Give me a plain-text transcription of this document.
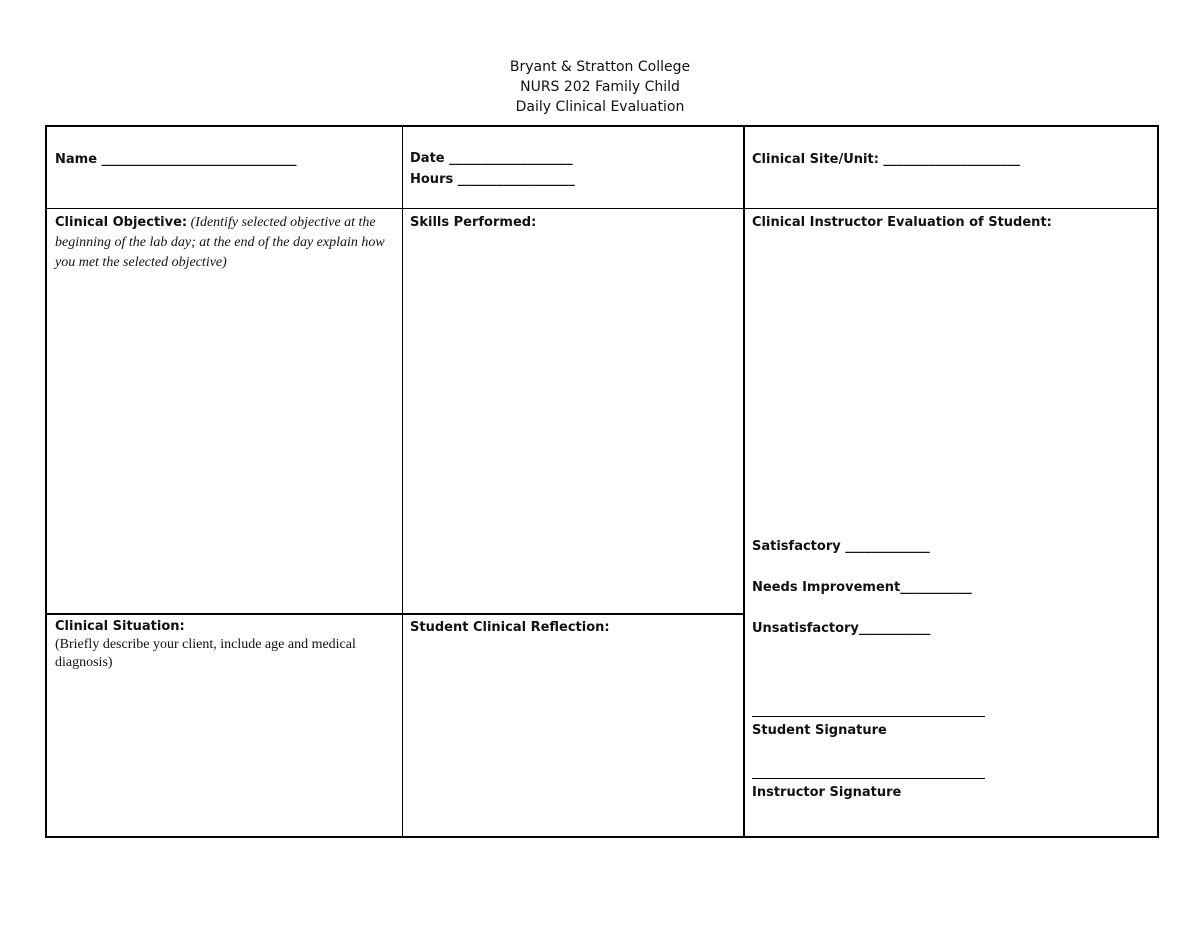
Bryant & Stratton College
NURS 202 Family Child
Daily Clinical Evaluation
Name ______________________________	Date ___________________
Hours __________________
Clinical Site/Unit: _____________________
Clinical Objective: (Identify selected objective at the beginning of the lab day; at the end of the day explain how you met the selected objective)
Skills Performed:	Clinical Instructor Evaluation of Student:
Satisfactory _____________
Needs Improvement___________
Unsatisfactory___________
Student Signature
Instructor Signature
Clinical Situation:
(Briefly describe your client, include age and medical diagnosis)
Student Clinical Reflection:
